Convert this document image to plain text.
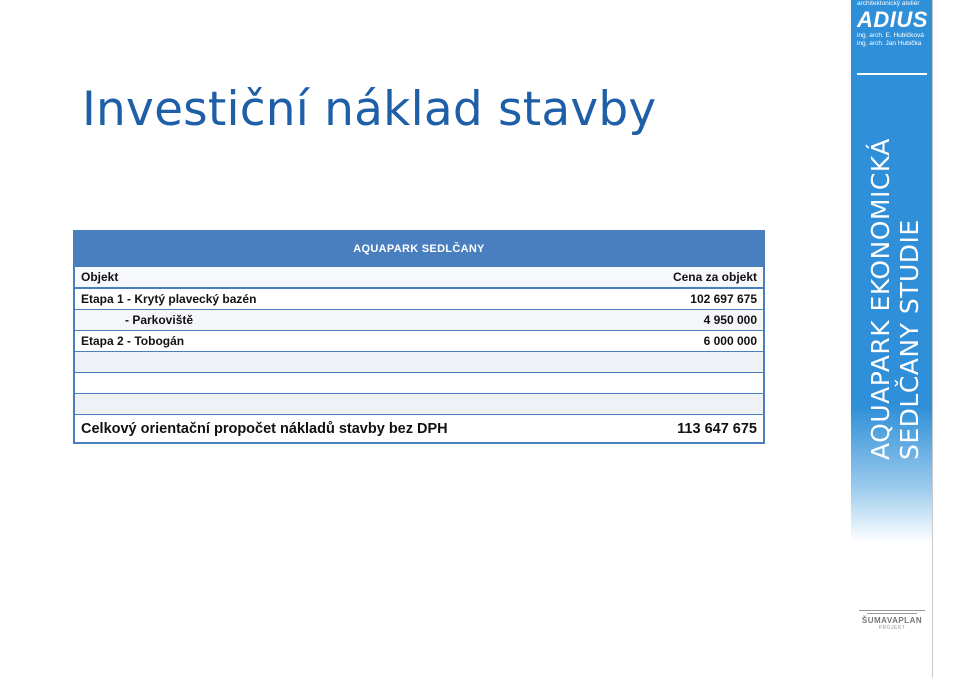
Investiční náklad stavby
AQUAPARK SEDLČANY	
Objekt	Cena za objekt
Etapa 1 - Krytý plavecký bazén	102 697 675
- Parkoviště	4 950 000
Etapa 2 - Tobogán	6 000 000

Celkový orientační propočet nákladů stavby bez DPH	113 647 675
architektonický ateliér
ADIUS
ing. arch. E. Hubičková
ing. arch. Jan Hubička
AQUAPARK EKONOMICKÁ SEDLČANY STUDIE
ŠUMAVAPLAN
PROJEKT
